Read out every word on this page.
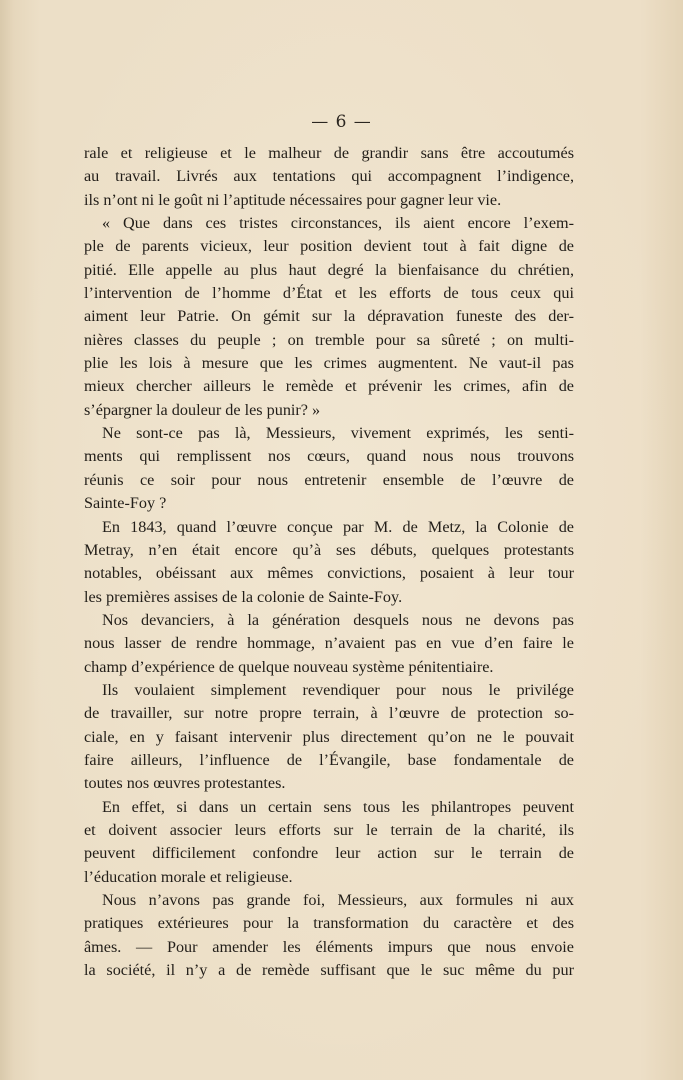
— 6 —
rale et religieuse et le malheur de grandir sans être accoutumés
au travail. Livrés aux tentations qui accompagnent l’indigence,
ils n’ont ni le goût ni l’aptitude nécessaires pour gagner leur vie.
« Que dans ces tristes circonstances, ils aient encore l’exem-
ple de parents vicieux, leur position devient tout à fait digne de
pitié. Elle appelle au plus haut degré la bienfaisance du chrétien,
l’intervention de l’homme d’État et les efforts de tous ceux qui
aiment leur Patrie. On gémit sur la dépravation funeste des der-
nières classes du peuple ; on tremble pour sa sûreté ; on multi-
plie les lois à mesure que les crimes augmentent. Ne vaut-il pas
mieux chercher ailleurs le remède et prévenir les crimes, afin de
s’épargner la douleur de les punir? »
Ne sont-ce pas là, Messieurs, vivement exprimés, les senti-
ments qui remplissent nos cœurs, quand nous nous trouvons
réunis ce soir pour nous entretenir ensemble de l’œuvre de
Sainte-Foy ?
En 1843, quand l’œuvre conçue par M. de Metz, la Colonie de
Metray, n’en était encore qu’à ses débuts, quelques protestants
notables, obéissant aux mêmes convictions, posaient à leur tour
les premières assises de la colonie de Sainte-Foy.
Nos devanciers, à la génération desquels nous ne devons pas
nous lasser de rendre hommage, n’avaient pas en vue d’en faire le
champ d’expérience de quelque nouveau système pénitentiaire.
Ils voulaient simplement revendiquer pour nous le privilége
de travailler, sur notre propre terrain, à l’œuvre de protection so-
ciale, en y faisant intervenir plus directement qu’on ne le pouvait
faire ailleurs, l’influence de l’Évangile, base fondamentale de
toutes nos œuvres protestantes.
En effet, si dans un certain sens tous les philantropes peuvent
et doivent associer leurs efforts sur le terrain de la charité, ils
peuvent difficilement confondre leur action sur le terrain de
l’éducation morale et religieuse.
Nous n’avons pas grande foi, Messieurs, aux formules ni aux
pratiques extérieures pour la transformation du caractère et des
âmes. — Pour amender les éléments impurs que nous envoie
la société, il n’y a de remède suffisant que le suc même du pur
